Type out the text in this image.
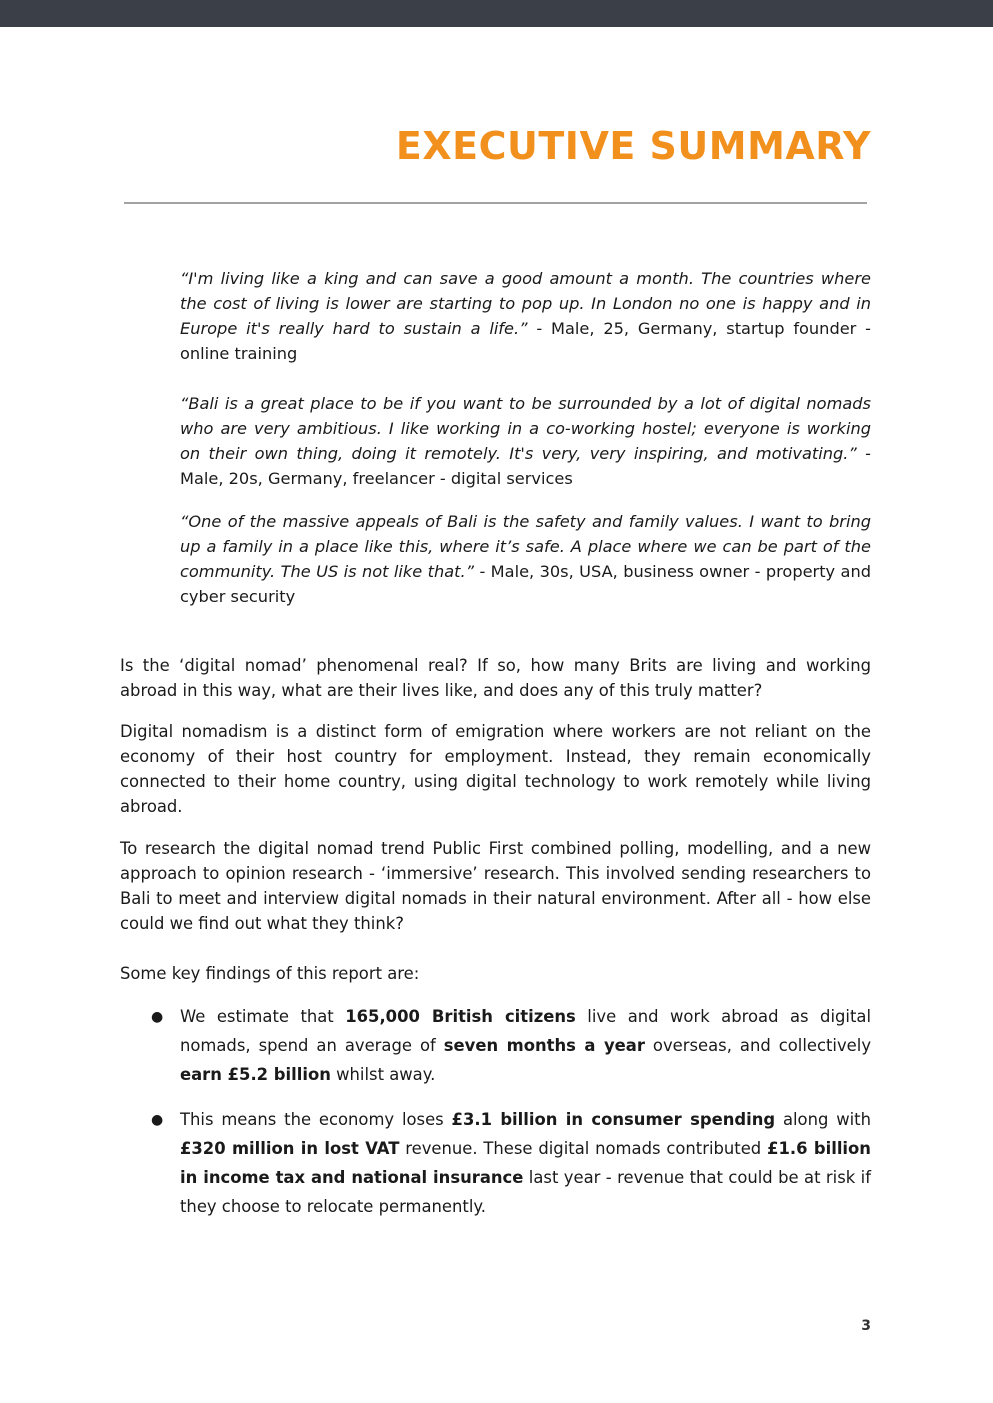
EXECUTIVE SUMMARY

“I'm living like a king and can save a good amount a month. The countries where the cost of living is lower are starting to pop up. In London no one is happy and in Europe it's really hard to sustain a life.” - Male, 25, Germany, startup founder - online training

“Bali is a great place to be if you want to be surrounded by a lot of digital nomads who are very ambitious. I like working in a co-working hostel; everyone is working on their own thing, doing it remotely. It's very, very inspiring, and motivating.” - Male, 20s, Germany, freelancer - digital services

“One of the massive appeals of Bali is the safety and family values. I want to bring up a family in a place like this, where it’s safe. A place where we can be part of the community. The US is not like that.” - Male, 30s, USA, business owner - property and cyber security

Is the ‘digital nomad’ phenomenal real? If so, how many Brits are living and working abroad in this way, what are their lives like, and does any of this truly matter?

Digital nomadism is a distinct form of emigration where workers are not reliant on the economy of their host country for employment. Instead, they remain economically connected to their home country, using digital technology to work remotely while living abroad.

To research the digital nomad trend Public First combined polling, modelling, and a new approach to opinion research - ‘immersive’ research. This involved sending researchers to Bali to meet and interview digital nomads in their natural environment. After all - how else could we find out what they think?

Some key findings of this report are:

● We estimate that 165,000 British citizens live and work abroad as digital nomads, spend an average of seven months a year overseas, and collectively earn £5.2 billion whilst away.

● This means the economy loses £3.1 billion in consumer spending along with £320 million in lost VAT revenue. These digital nomads contributed £1.6 billion in income tax and national insurance last year - revenue that could be at risk if they choose to relocate permanently.

3
